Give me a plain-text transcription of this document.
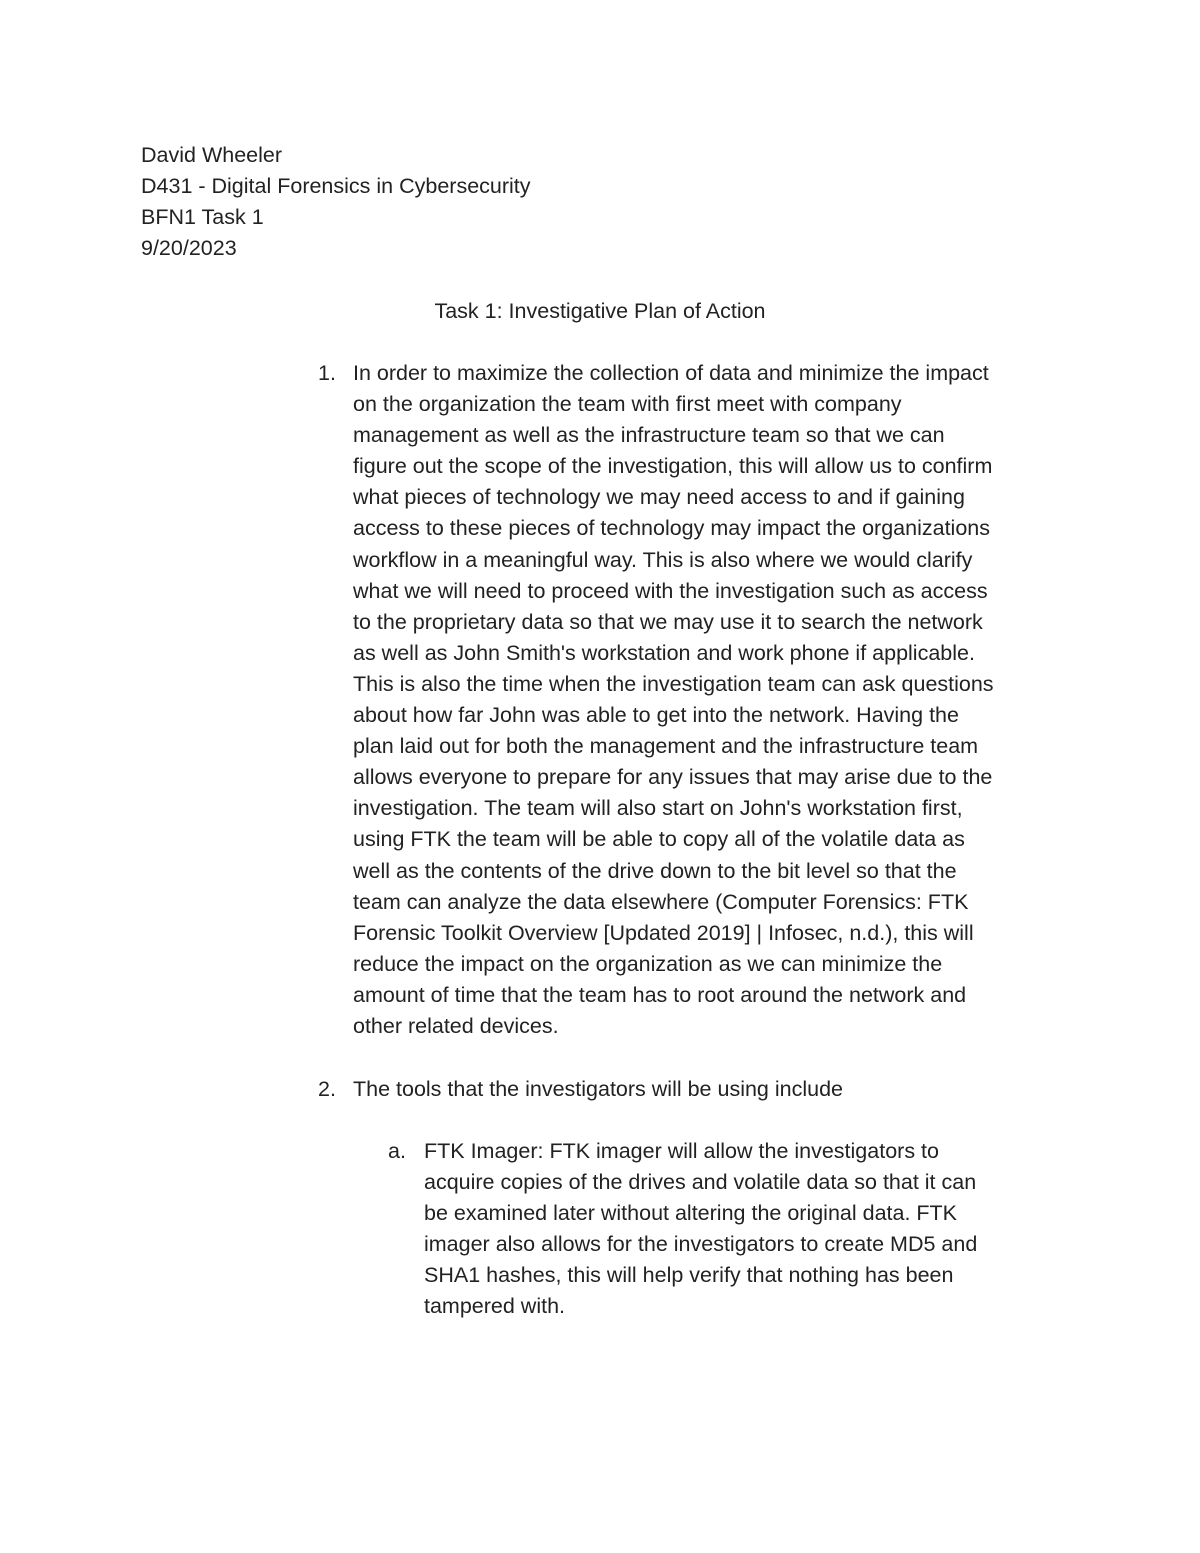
David Wheeler

D431 - Digital Forensics in Cybersecurity

BFN1 Task 1

9/20/2023

Task 1: Investigative Plan of Action

1. In order to maximize the collection of data and minimize the impact
on the organization the team with first meet with company
management as well as the infrastructure team so that we can
figure out the scope of the investigation, this will allow us to confirm
what pieces of technology we may need access to and if gaining
access to these pieces of technology may impact the organizations
workflow in a meaningful way. This is also where we would clarify
what we will need to proceed with the investigation such as access
to the proprietary data so that we may use it to search the network
as well as John Smith's workstation and work phone if applicable.
This is also the time when the investigation team can ask questions
about how far John was able to get into the network. Having the
plan laid out for both the management and the infrastructure team
allows everyone to prepare for any issues that may arise due to the
investigation. The team will also start on John's workstation first,
using FTK the team will be able to copy all of the volatile data as
well as the contents of the drive down to the bit level so that the
team can analyze the data elsewhere (Computer Forensics: FTK
Forensic Toolkit Overview [Updated 2019] | Infosec, n.d.), this will
reduce the impact on the organization as we can minimize the
amount of time that the team has to root around the network and
other related devices.
2. The tools that the investigators will be using include
a. FTK Imager: FTK imager will allow the investigators to
acquire copies of the drives and volatile data so that it can
be examined later without altering the original data. FTK
imager also allows for the investigators to create MD5 and
SHA1 hashes, this will help verify that nothing has been
tampered with.
